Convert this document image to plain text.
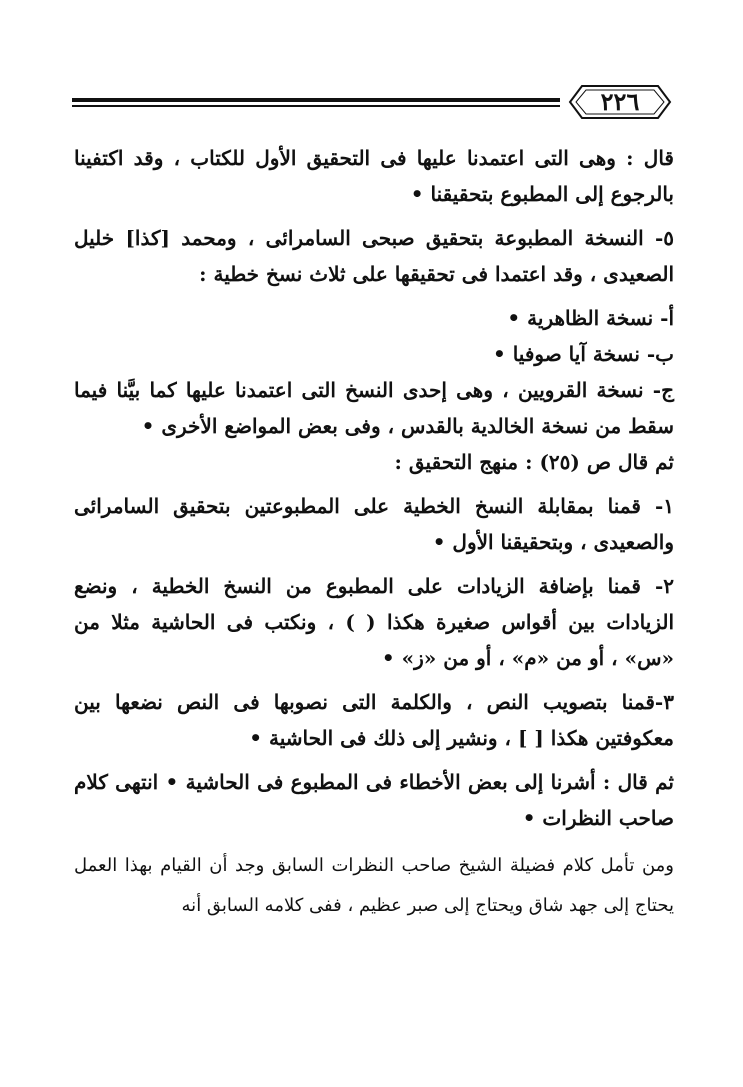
٢٢٦

قال : وهى التى اعتمدنا عليها فى التحقيق الأول للكتاب ، وقد اكتفينا بالرجوع إلى المطبوع بتحقيقنا •

٥- النسخة المطبوعة بتحقيق صبحى السامرائى ، ومحمد [كذا] خليل الصعيدى ، وقد اعتمدا فى تحقيقها على ثلاث نسخ خطية :

أ- نسخة الظاهرية •

ب- نسخة آيا صوفيا •

ج- نسخة القرويين ، وهى إحدى النسخ التى اعتمدنا عليها كما بيَّنا فيما سقط من نسخة الخالدية بالقدس ، وفى بعض المواضع الأخرى •

ثم قال ص (٢٥) : منهج التحقيق :

١- قمنا بمقابلة النسخ الخطية على المطبوعتين بتحقيق السامرائى والصعيدى ، وبتحقيقنا الأول •

٢- قمنا بإضافة الزيادات على المطبوع من النسخ الخطية ، ونضع الزيادات بين أقواس صغيرة هكذا ( ) ، ونكتب فى الحاشية مثلا من «س» ، أو من «م» ، أو من «ز» •

٣-قمنا بتصويب النص ، والكلمة التى نصوبها فى النص نضعها بين معكوفتين هكذا [ ] ، ونشير إلى ذلك فى الحاشية •

ثم قال : أشرنا إلى بعض الأخطاء فى المطبوع فى الحاشية • انتهى كلام صاحب النظرات •

ومن تأمل كلام فضيلة الشيخ صاحب النظرات السابق وجد أن القيام بهذا العمل يحتاج إلى جهد شاق ويحتاج إلى صبر عظيم ، ففى كلامه السابق أنه
